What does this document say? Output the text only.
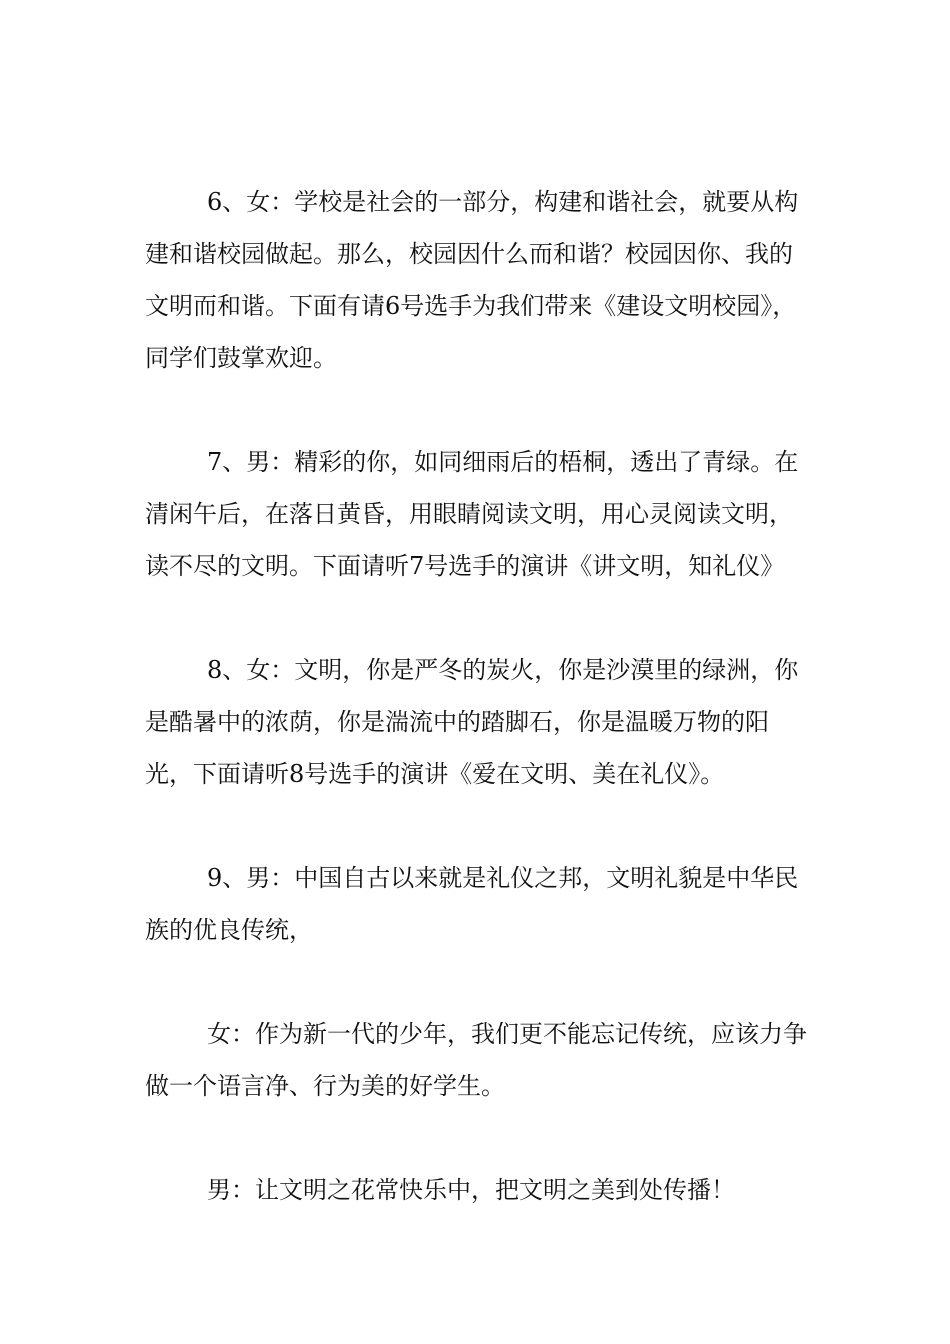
6、女：学校是社会的一部分，构建和谐社会，就要从构建和谐校园做起。那么，校园因什么而和谐？校园因你、我的文明而和谐。下面有请6号选手为我们带来《建设文明校园》，同学们鼓掌欢迎。

7、男：精彩的你，如同细雨后的梧桐，透出了青绿。在清闲午后，在落日黄昏，用眼睛阅读文明，用心灵阅读文明，读不尽的文明。下面请听7号选手的演讲《讲文明，知礼仪》

8、女：文明，你是严冬的炭火，你是沙漠里的绿洲，你是酷暑中的浓荫，你是湍流中的踏脚石，你是温暖万物的阳光，下面请听8号选手的演讲《爱在文明、美在礼仪》。

9、男：中国自古以来就是礼仪之邦，文明礼貌是中华民族的优良传统，

女：作为新一代的少年，我们更不能忘记传统，应该力争做一个语言净、行为美的好学生。

男：让文明之花常快乐中，把文明之美到处传播！
